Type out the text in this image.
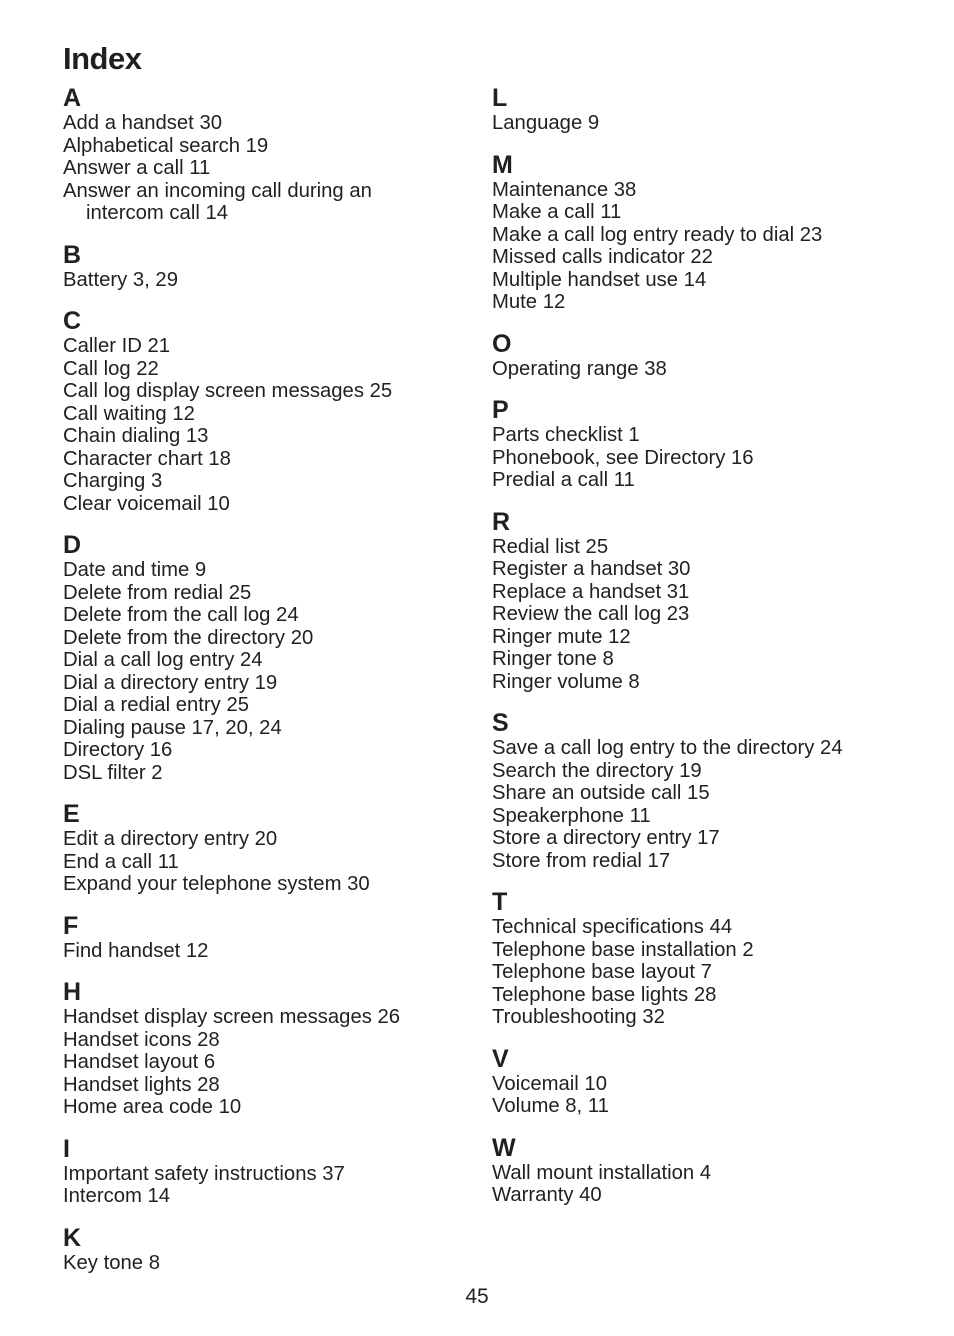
Index
A
Add a handset 30
Alphabetical search 19
Answer a call 11
Answer an incoming call during an
intercom call 14
B
Battery 3, 29
C
Caller ID 21
Call log 22
Call log display screen messages 25
Call waiting 12
Chain dialing 13
Character chart 18
Charging 3
Clear voicemail 10
D
Date and time 9
Delete from redial 25
Delete from the call log 24
Delete from the directory 20
Dial a call log entry 24
Dial a directory entry 19
Dial a redial entry 25
Dialing pause 17, 20, 24
Directory 16
DSL filter 2
E
Edit a directory entry 20
End a call 11
Expand your telephone system 30
F
Find handset 12
H
Handset display screen messages 26
Handset icons 28
Handset layout 6
Handset lights 28
Home area code 10
I
Important safety instructions 37
Intercom 14
K
Key tone 8
L
Language 9
M
Maintenance 38
Make a call 11
Make a call log entry ready to dial 23
Missed calls indicator 22
Multiple handset use 14
Mute 12
O
Operating range 38
P
Parts checklist 1
Phonebook, see Directory 16
Predial a call 11
R
Redial list 25
Register a handset 30
Replace a handset 31
Review the call log 23
Ringer mute 12
Ringer tone 8
Ringer volume 8
S
Save a call log entry to the directory 24
Search the directory 19
Share an outside call 15
Speakerphone 11
Store a directory entry 17
Store from redial 17
T
Technical specifications 44
Telephone base installation 2
Telephone base layout 7
Telephone base lights 28
Troubleshooting 32
V
Voicemail 10
Volume 8, 11
W
Wall mount installation 4
Warranty 40
45
